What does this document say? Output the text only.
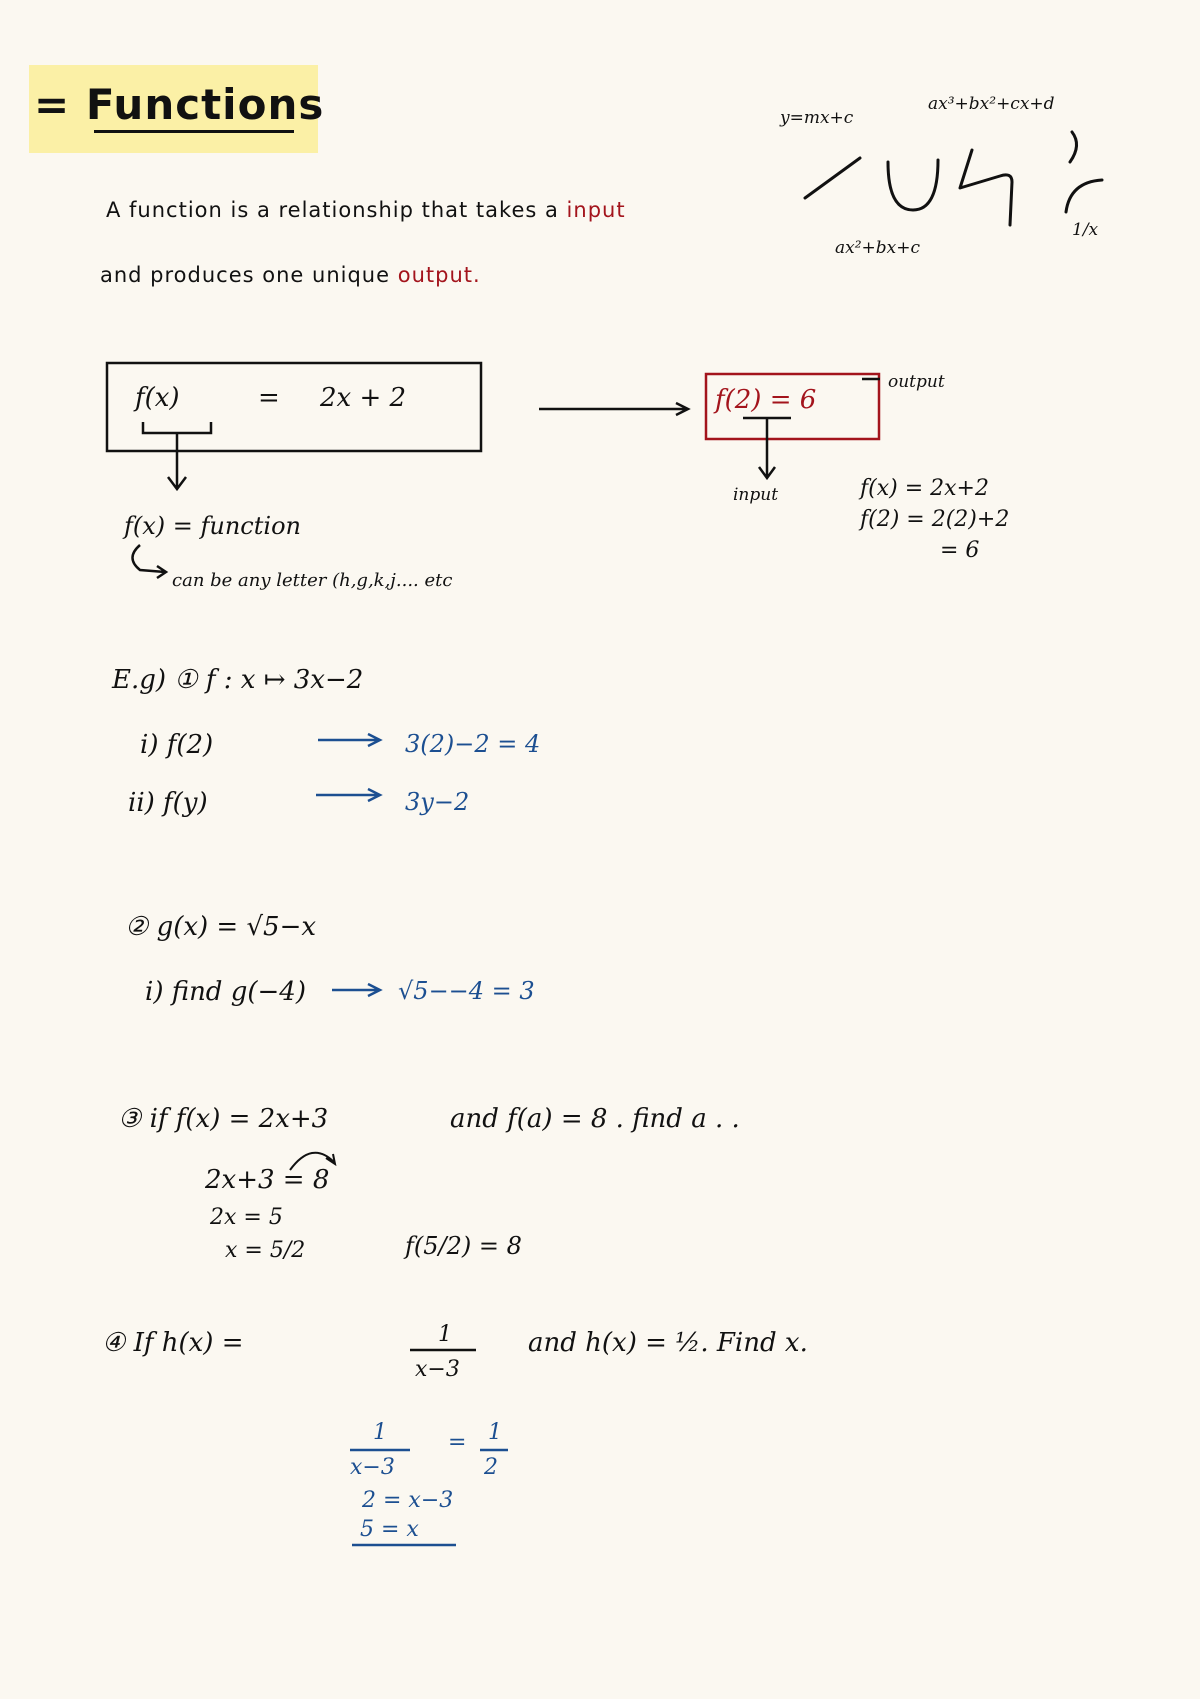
= Functions	y=mx+c
ax³+bx²+cx+d
ax²+bx+c
1/x
A function is a relationship that takes a input
and produces one unique output.
f(x)	= 2x + 2	f(2) = 6
output
input	f(x) = 2x+2
f(2) = 2(2)+2
= 6
f(x) = function
can be any letter (h,g,k,j.... etc
E.g) ① f : x ↦ 3x−2
i) f(2)	3(2)−2 = 4
ii) f(y)	3y−2
② g(x) = √5−x
i) find g(−4)	√5−−4 = 3
③ if f(x) = 2x+3	and f(a) = 8 . find a . .
2x+3 = 8
2x = 5
x = 5/2	f(5/2) = 8
④ If h(x) =	1
x−3
and h(x) = ½. Find x.
1
x−3
= 1
2
2 = x−3
5 = x
